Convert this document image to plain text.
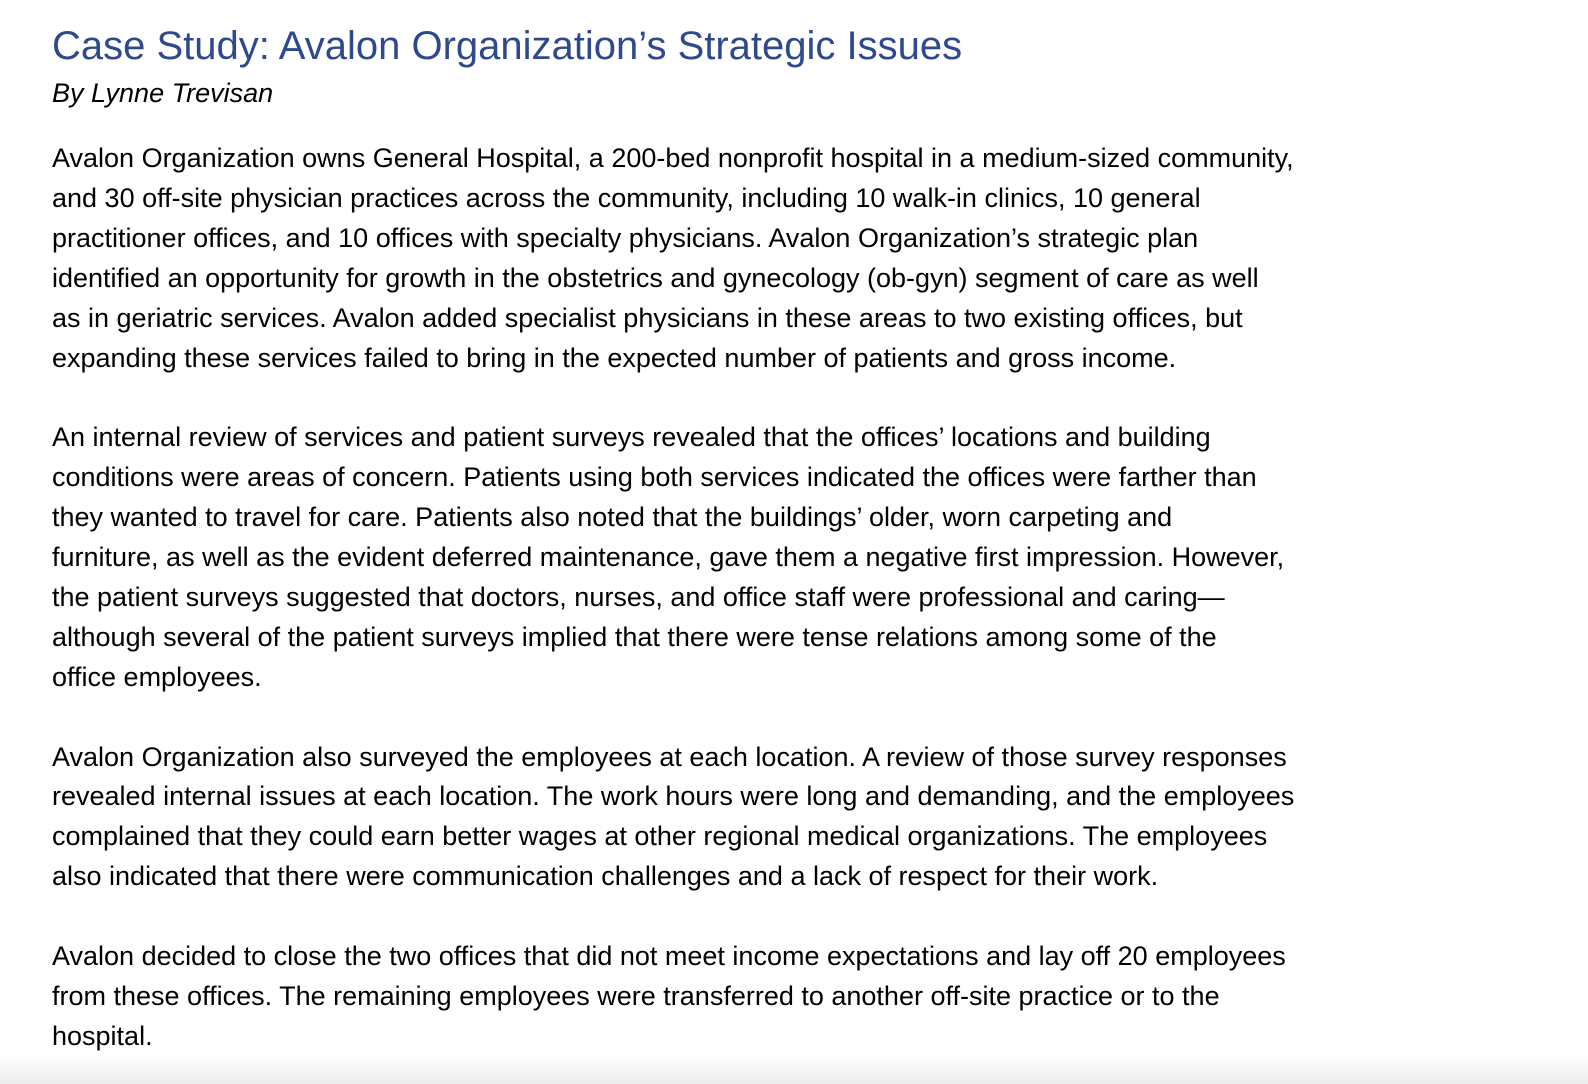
Case Study: Avalon Organization’s Strategic Issues

By Lynne Trevisan

Avalon Organization owns General Hospital, a 200-bed nonprofit hospital in a medium-sized community,
and 30 off-site physician practices across the community, including 10 walk-in clinics, 10 general
practitioner offices, and 10 offices with specialty physicians. Avalon Organization’s strategic plan
identified an opportunity for growth in the obstetrics and gynecology (ob-gyn) segment of care as well
as in geriatric services. Avalon added specialist physicians in these areas to two existing offices, but
expanding these services failed to bring in the expected number of patients and gross income.

An internal review of services and patient surveys revealed that the offices’ locations and building
conditions were areas of concern. Patients using both services indicated the offices were farther than
they wanted to travel for care. Patients also noted that the buildings’ older, worn carpeting and
furniture, as well as the evident deferred maintenance, gave them a negative first impression. However,
the patient surveys suggested that doctors, nurses, and office staff were professional and caring—
although several of the patient surveys implied that there were tense relations among some of the
office employees.

Avalon Organization also surveyed the employees at each location. A review of those survey responses
revealed internal issues at each location. The work hours were long and demanding, and the employees
complained that they could earn better wages at other regional medical organizations. The employees
also indicated that there were communication challenges and a lack of respect for their work.

Avalon decided to close the two offices that did not meet income expectations and lay off 20 employees
from these offices. The remaining employees were transferred to another off-site practice or to the
hospital.
